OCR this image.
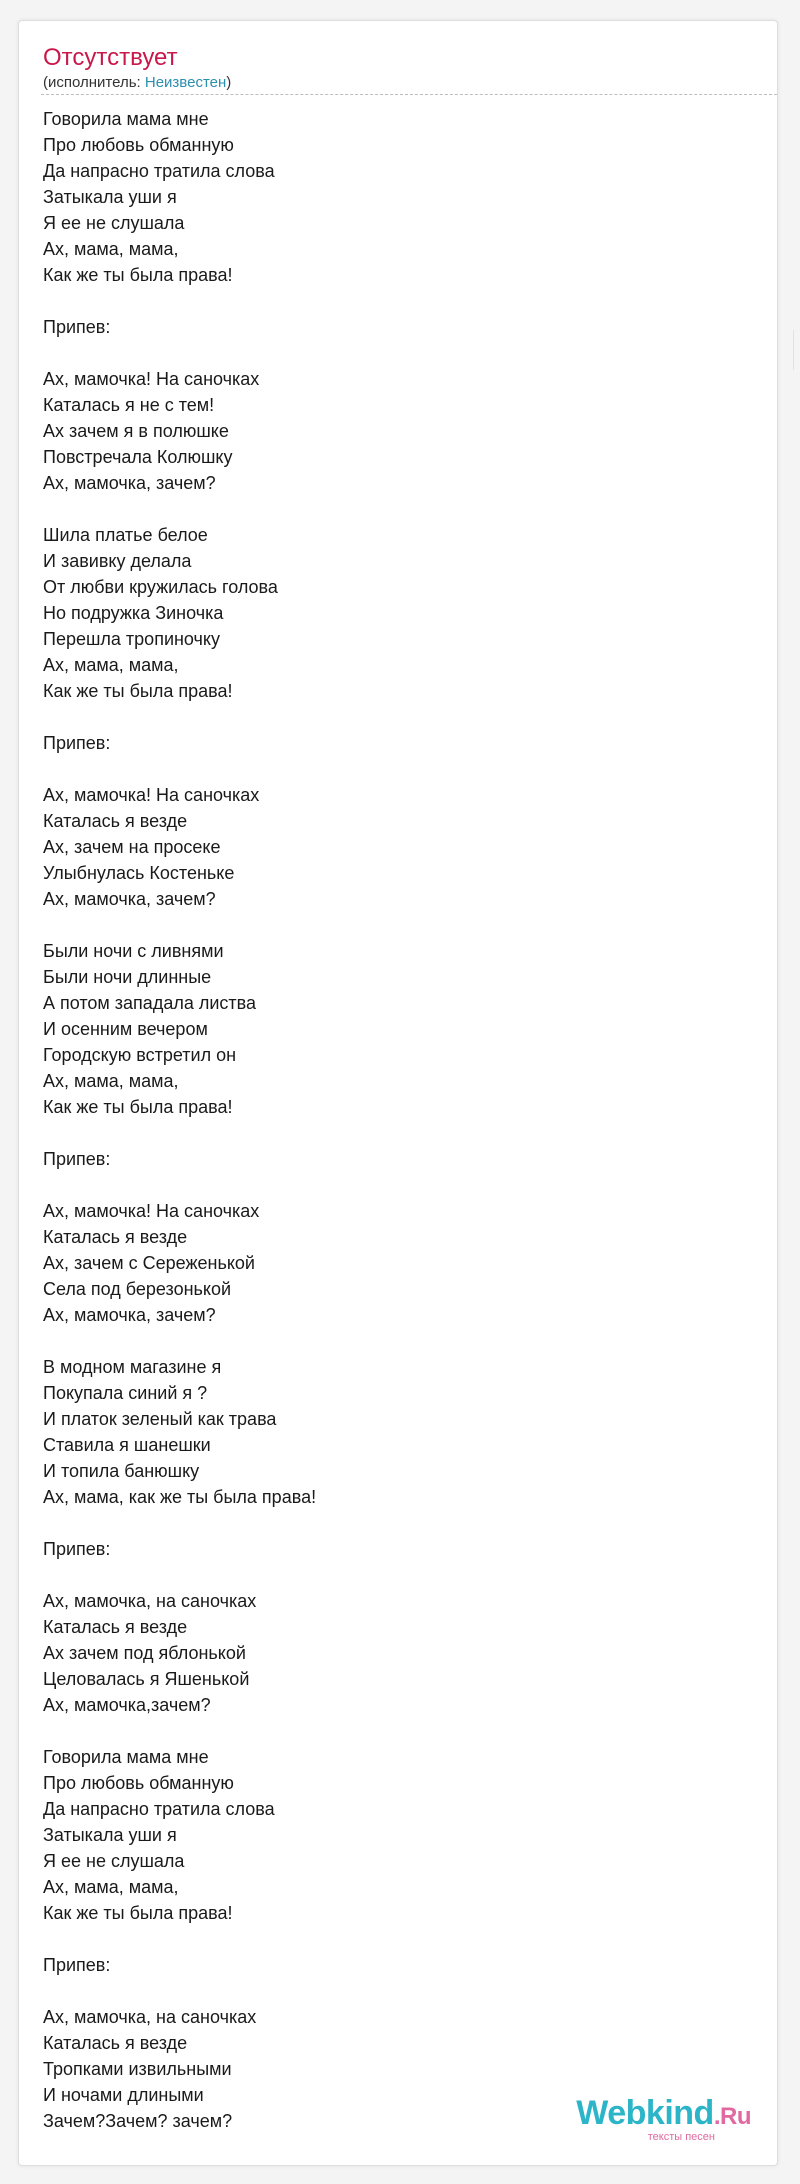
Отсутствует
(исполнитель: Неизвестен)
Говорила мама мне
Про любовь обманную
Да напрасно тратила слова
Затыкала уши я
Я ее не слушала
Ах, мама, мама,
Как же ты была права!
Припев:
Ах, мамочка! На саночках
Каталась я не с тем!
Ах зачем я в полюшке
Повстречала Колюшку
Ах, мамочка, зачем?
Шила платье белое
И завивку делала
От любви кружилась голова
Но подружка Зиночка
Перешла тропиночку
Ах, мама, мама,
Как же ты была права!
Припев:
Ах, мамочка! На саночках
Каталась я везде
Ах, зачем на просеке
Улыбнулась Костеньке
Ах, мамочка, зачем?
Были ночи с ливнями
Были ночи длинные
А потом западала листва
И осенним вечером
Городскую встретил он
Ах, мама, мама,
Как же ты была права!
Припев:
Ах, мамочка! На саночках
Каталась я везде
Ах, зачем с Сереженькой
Села под березонькой
Ах, мамочка, зачем?
В модном магазине я
Покупала синий я ?
И платок зеленый как трава
Ставила я шанешки
И топила банюшку
Ах, мама, как же ты была права!
Припев:
Ах, мамочка, на саночках
Каталась я везде
Ах зачем под яблонькой
Целовалась я Яшенькой
Ах, мамочка,зачем?
Говорила мама мне
Про любовь обманную
Да напрасно тратила слова
Затыкала уши я
Я ее не слушала
Ах, мама, мама,
Как же ты была права!
Припев:
Ах, мамочка, на саночках
Каталась я везде
Тропками извильными
И ночами длиными
Зачем?Зачем? зачем?	Webkind.Ru
тексты песен
